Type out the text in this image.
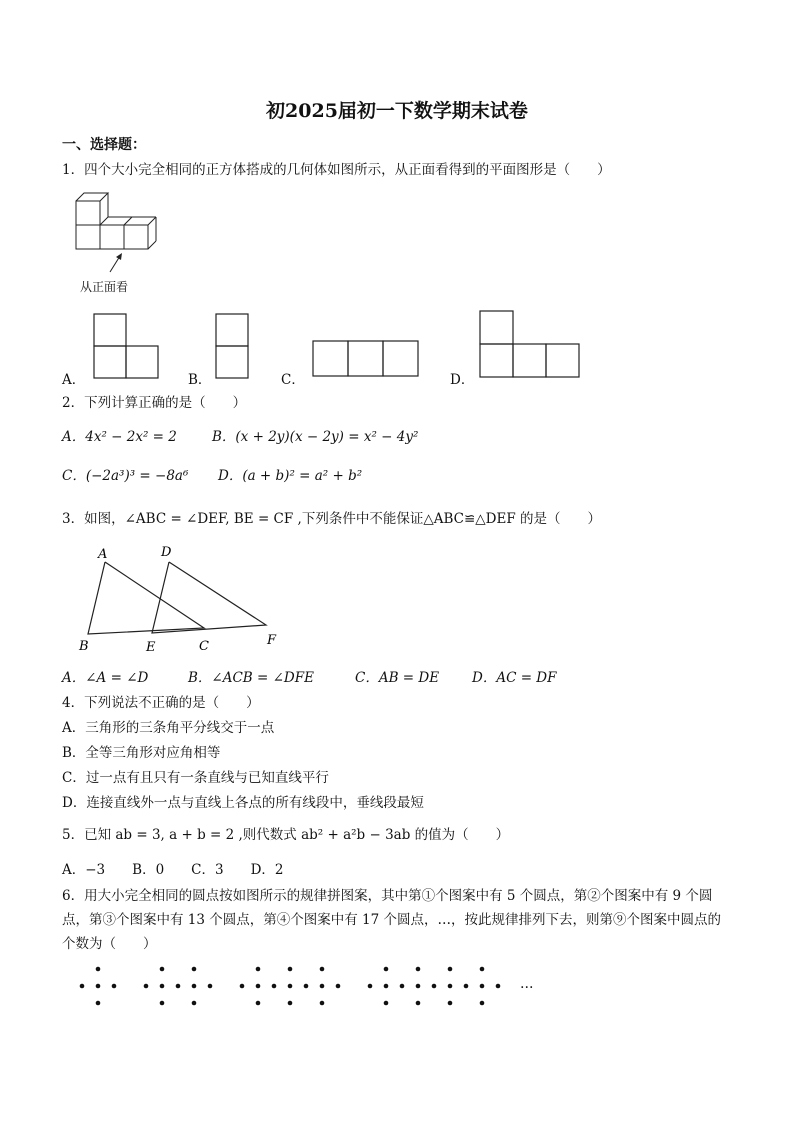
初2025届初一下数学期末试卷
一、选择题：
1．四个大小完全相同的正方体搭成的几何体如图所示，从正面看得到的平面图形是（　　）
从正面看
A．	B．	C．	D．
2．下列计算正确的是（　　）
A．4x² − 2x² = 2	B．(x + 2y)(x − 2y) = x² − 4y²
C．(−2a³)³ = −8a⁶ D．(a + b)² = a² + b²
3．如图，∠ABC = ∠DEF, BE = CF ,下列条件中不能保证△ABC≌△DEF 的是（　　）
A	D
B	E	C	F
A．∠A = ∠D	B．∠ACB = ∠DFE	C．AB = DE D．AC = DF
4．下列说法不正确的是（　　）
A．三角形的三条角平分线交于一点
B．全等三角形对应角相等
C．过一点有且只有一条直线与已知直线平行
D．连接直线外一点与直线上各点的所有线段中，垂线段最短
5．已知 ab = 3, a + b = 2 ,则代数式 ab² + a²b − 3ab 的值为（　　）
A．−3　　B．0　　C．3　　D．2
6．用大小完全相同的圆点按如图所示的规律拼图案，其中第①个图案中有 5 个圆点，第②个图案中有 9 个圆
点，第③个图案中有 13 个圆点，第④个图案中有 17 个圆点，…，按此规律排列下去，则第⑨个图案中圆点的
个数为（　　）
…
